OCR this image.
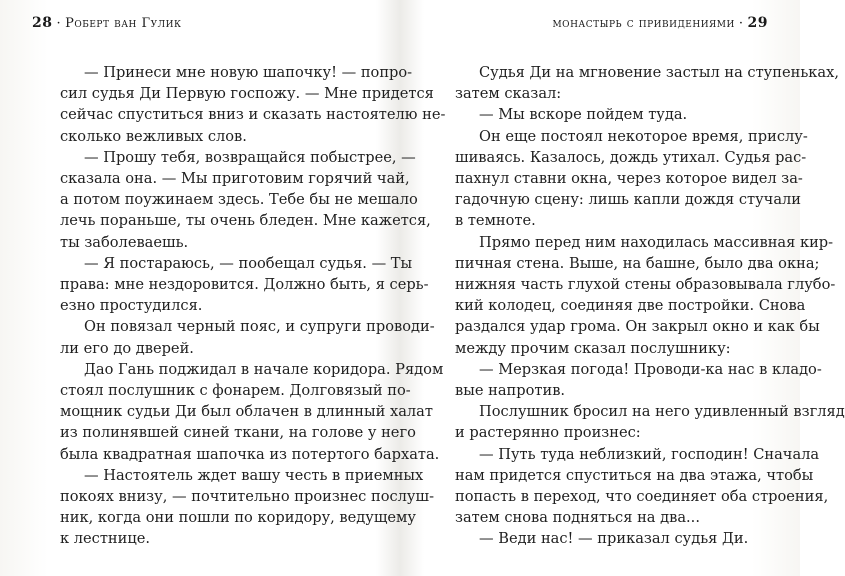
28 · Роберт ван Гулик
— Принеси мне новую шапочку! — попро-
сил судья Ди Первую госпожу. — Мне придется
сейчас спуститься вниз и сказать настоятелю не-
сколько вежливых слов.
— Прошу тебя, возвращайся побыстрее, —
сказала она. — Мы приготовим горячий чай,
а потом поужинаем здесь. Тебе бы не мешало
лечь пораньше, ты очень бледен. Мне кажется,
ты заболеваешь.
— Я постараюсь, — пообещал судья. — Ты
права: мне нездоровится. Должно быть, я серь-
езно простудился.
Он повязал черный пояс, и супруги проводи-
ли его до дверей.
Дао Гань поджидал в начале коридора. Рядом
стоял послушник с фонарем. Долговязый по-
мощник судьи Ди был облачен в длинный халат
из полинявшей синей ткани, на голове у него
была квадратная шапочка из потертого бархата.
— Настоятель ждет вашу честь в приемных
покоях внизу, — почтительно произнес послуш-
ник, когда они пошли по коридору, ведущему
к лестнице.
монастырь с привидениями · 29
Судья Ди на мгновение застыл на ступеньках,
затем сказал:
— Мы вскоре пойдем туда.
Он еще постоял некоторое время, прислу-
шиваясь. Казалось, дождь утихал. Судья рас-
пахнул ставни окна, через которое видел за-
гадочную сцену: лишь капли дождя стучали
в темноте.
Прямо перед ним находилась массивная кир-
пичная стена. Выше, на башне, было два окна;
нижняя часть глухой стены образовывала глубо-
кий колодец, соединяя две постройки. Снова
раздался удар грома. Он закрыл окно и как бы
между прочим сказал послушнику:
— Мерзкая погода! Проводи-ка нас в кладо-
вые напротив.
Послушник бросил на него удивленный взгляд
и растерянно произнес:
— Путь туда неблизкий, господин! Сначала
нам придется спуститься на два этажа, чтобы
попасть в переход, что соединяет оба строения,
затем снова подняться на два...
— Веди нас! — приказал судья Ди.
